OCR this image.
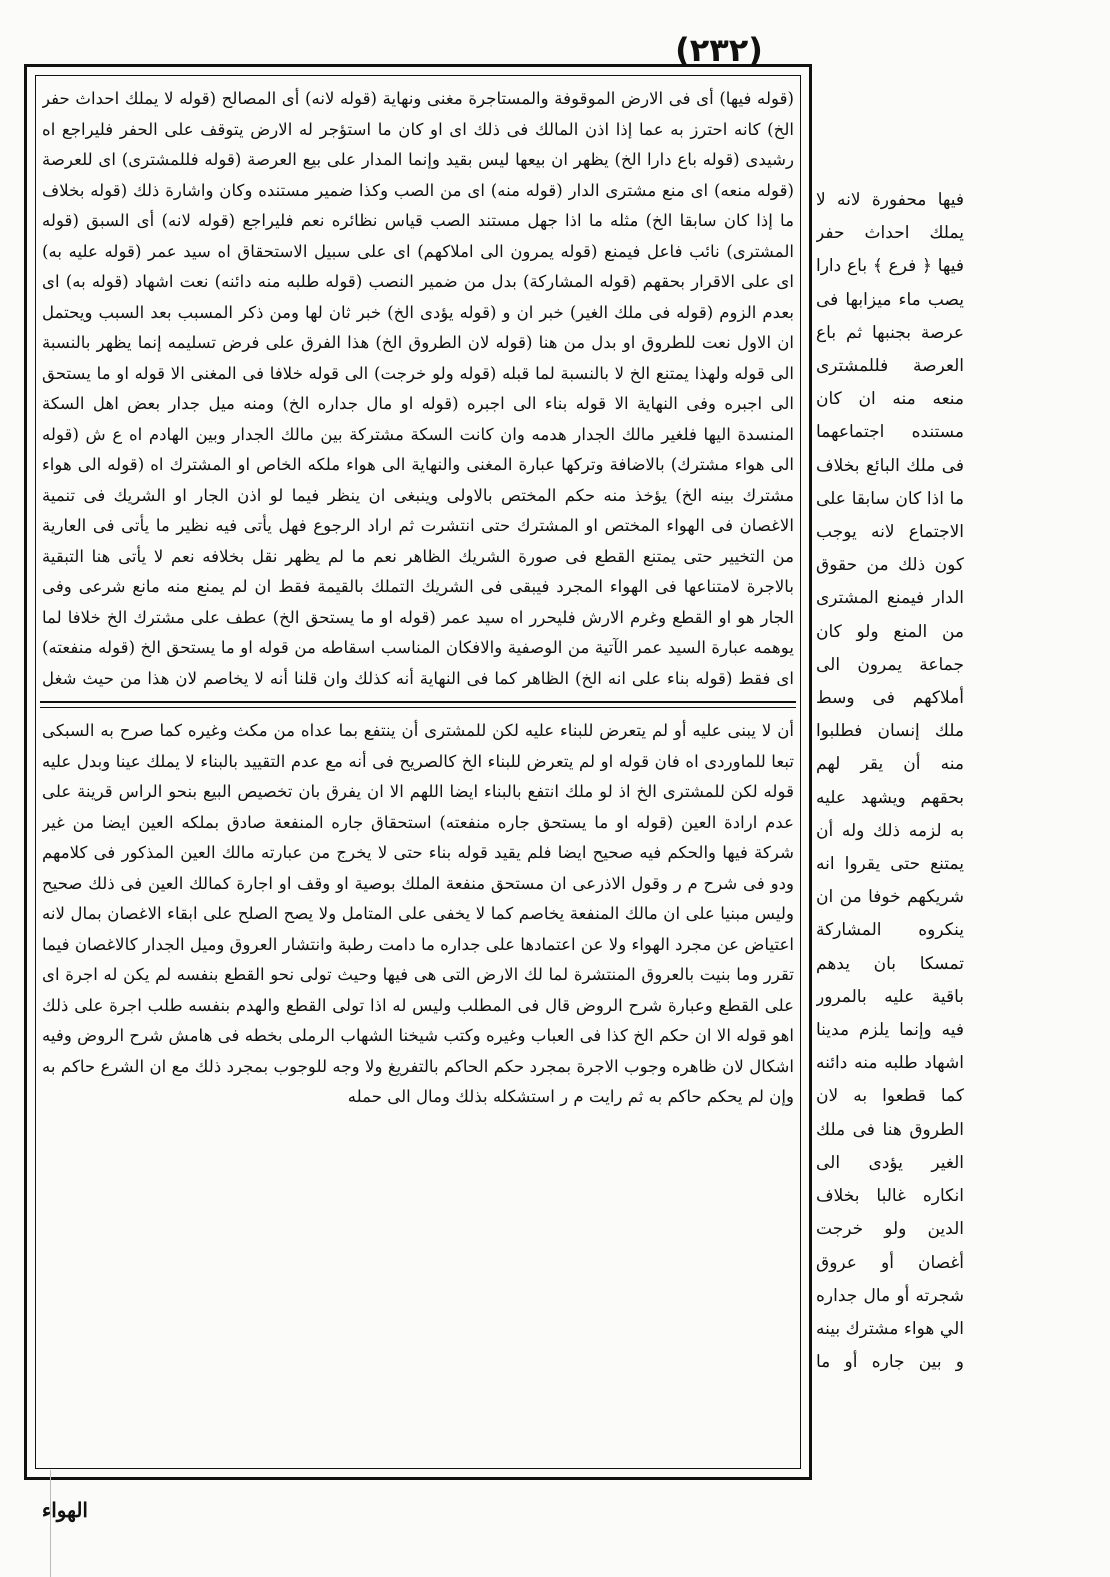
(٢٣٢)

(قوله فيها) أى فى الارض الموقوفة والمستاجرة مغنى ونهاية (قوله لانه) أى المصالح (قوله لا يملك احداث حفر الخ) كانه احترز به عما إذا اذن المالك فى ذلك اى او كان ما استؤجر له الارض يتوقف على الحفر فليراجع اه رشيدى (قوله باع دارا الخ) يظهر ان بيعها ليس بقيد وإنما المدار على بيع العرصة (قوله فللمشترى) اى للعرصة (قوله منعه) اى منع مشترى الدار (قوله منه) اى من الصب وكذا ضمير مستنده وكان واشارة ذلك (قوله بخلاف ما إذا كان سابقا الخ) مثله ما اذا جهل مستند الصب قياس نظائره نعم فليراجع (قوله لانه) أى السبق (قوله المشترى) نائب فاعل فيمنع (قوله يمرون الى املاكهم) اى على سبيل الاستحقاق اه سيد عمر (قوله عليه به) اى على الاقرار بحقهم (قوله المشاركة) بدل من ضمير النصب (قوله طلبه منه دائنه) نعت اشهاد (قوله به) اى بعدم الزوم (قوله فى ملك الغير) خبر ان و (قوله يؤدى الخ) خبر ثان لها ومن ذكر المسبب بعد السبب ويحتمل ان الاول نعت للطروق او بدل من هنا (قوله لان الطروق الخ) هذا الفرق على فرض تسليمه إنما يظهر بالنسبة الى قوله ولهذا يمتنع الخ لا بالنسبة لما قبله (قوله ولو خرجت) الى قوله خلافا فى المغنى الا قوله او ما يستحق الى اجبره وفى النهاية الا قوله بناء الى اجبره (قوله او مال جداره الخ) ومنه ميل جدار بعض اهل السكة المنسدة اليها فلغير مالك الجدار هدمه وان كانت السكة مشتركة بين مالك الجدار وبين الهادم اه ع ش (قوله الى هواء مشترك) بالاضافة وتركها عبارة المغنى والنهاية الى هواء ملكه الخاص او المشترك اه (قوله الى هواء مشترك بينه الخ) يؤخذ منه حكم المختص بالاولى وينبغى ان ينظر فيما لو اذن الجار او الشريك فى تنمية الاغصان فى الهواء المختص او المشترك حتى انتشرت ثم اراد الرجوع فهل يأتى فيه نظير ما يأتى فى العارية من التخيير حتى يمتنع القطع فى صورة الشريك الظاهر نعم ما لم يظهر نقل بخلافه نعم لا يأتى هنا التبقية بالاجرة لامتناعها فى الهواء المجرد فيبقى فى الشريك التملك بالقيمة فقط ان لم يمنع منه مانع شرعى وفى الجار هو او القطع وغرم الارش فليحرر اه سيد عمر (قوله او ما يستحق الخ) عطف على مشترك الخ خلافا لما يوهمه عبارة السيد عمر الآتية من الوصفية والافكان المناسب اسقاطه من قوله او ما يستحق الخ (قوله منفعته) اى فقط (قوله بناء على انه الخ) الظاهر كما فى النهاية أنه كذلك وان قلنا أنه لا يخاصم لان هذا من حيث شغل

أن لا يبنى عليه أو لم يتعرض للبناء عليه لكن للمشترى أن ينتفع بما عداه من مكث وغيره كما صرح به السبكى تبعا للماوردى اه فان قوله او لم يتعرض للبناء الخ كالصريح فى أنه مع عدم التقييد بالبناء لا يملك عينا وبدل عليه قوله لكن للمشترى الخ اذ لو ملك انتفع بالبناء ايضا اللهم الا ان يفرق بان تخصيص البيع بنحو الراس قرينة على عدم ارادة العين (قوله او ما يستحق جاره منفعته) استحقاق جاره المنفعة صادق بملكه العين ايضا من غير شركة فيها والحكم فيه صحيح ايضا فلم يقيد قوله بناء حتى لا يخرج من عبارته مالك العين المذكور فى كلامهم ودو فى شرح م ر وقول الاذرعى ان مستحق منفعة الملك بوصية او وقف او اجارة كمالك العين فى ذلك صحيح وليس مبنيا على ان مالك المنفعة يخاصم كما لا يخفى على المتامل ولا يصح الصلح على ابقاء الاغصان بمال لانه اعتياض عن مجرد الهواء ولا عن اعتمادها على جداره ما دامت رطبة وانتشار العروق وميل الجدار كالاغصان فيما تقرر وما بنيت بالعروق المنتشرة لما لك الارض التى هى فيها وحيث تولى نحو القطع بنفسه لم يكن له اجرة اى على القطع وعبارة شرح الروض قال فى المطلب وليس له اذا تولى القطع والهدم بنفسه طلب اجرة على ذلك اهو قوله الا ان حكم الخ كذا فى العباب وغيره وكتب شيخنا الشهاب الرملى بخطه فى هامش شرح الروض وفيه اشكال لان ظاهره وجوب الاجرة بمجرد حكم الحاكم بالتفريغ ولا وجه للوجوب بمجرد ذلك مع ان الشرع حاكم به وإن لم يحكم حاكم به ثم رايت م ر استشكله بذلك ومال الى حمله

فيها محفورة لانه لا يملك احداث حفر فيها ﴿ فرع ﴾ باع دارا يصب ماء ميزابها فى عرصة بجنبها ثم باع العرصة فللمشترى منعه منه ان كان مستنده اجتماعهما فى ملك البائع بخلاف ما اذا كان سابقا على الاجتماع لانه يوجب كون ذلك من حقوق الدار فيمنع المشترى من المنع ولو كان جماعة يمرون الى أملاكهم فى وسط ملك إنسان فطلبوا منه أن يقر لهم بحقهم ويشهد عليه به لزمه ذلك وله أن يمتنع حتى يقروا انه شريكهم خوفا من ان ينكروه المشاركة تمسكا بان يدهم باقية عليه بالمرور فيه وإنما يلزم مدينا اشهاد طلبه منه دائنه كما قطعوا به لان الطروق هنا فى ملك الغير يؤدى الى انكاره غالبا بخلاف الدين ولو خرجت أغصان أو عروق شجرته أو مال جداره الي هواء مشترك بينه و بين جاره أو ما

الهواء
